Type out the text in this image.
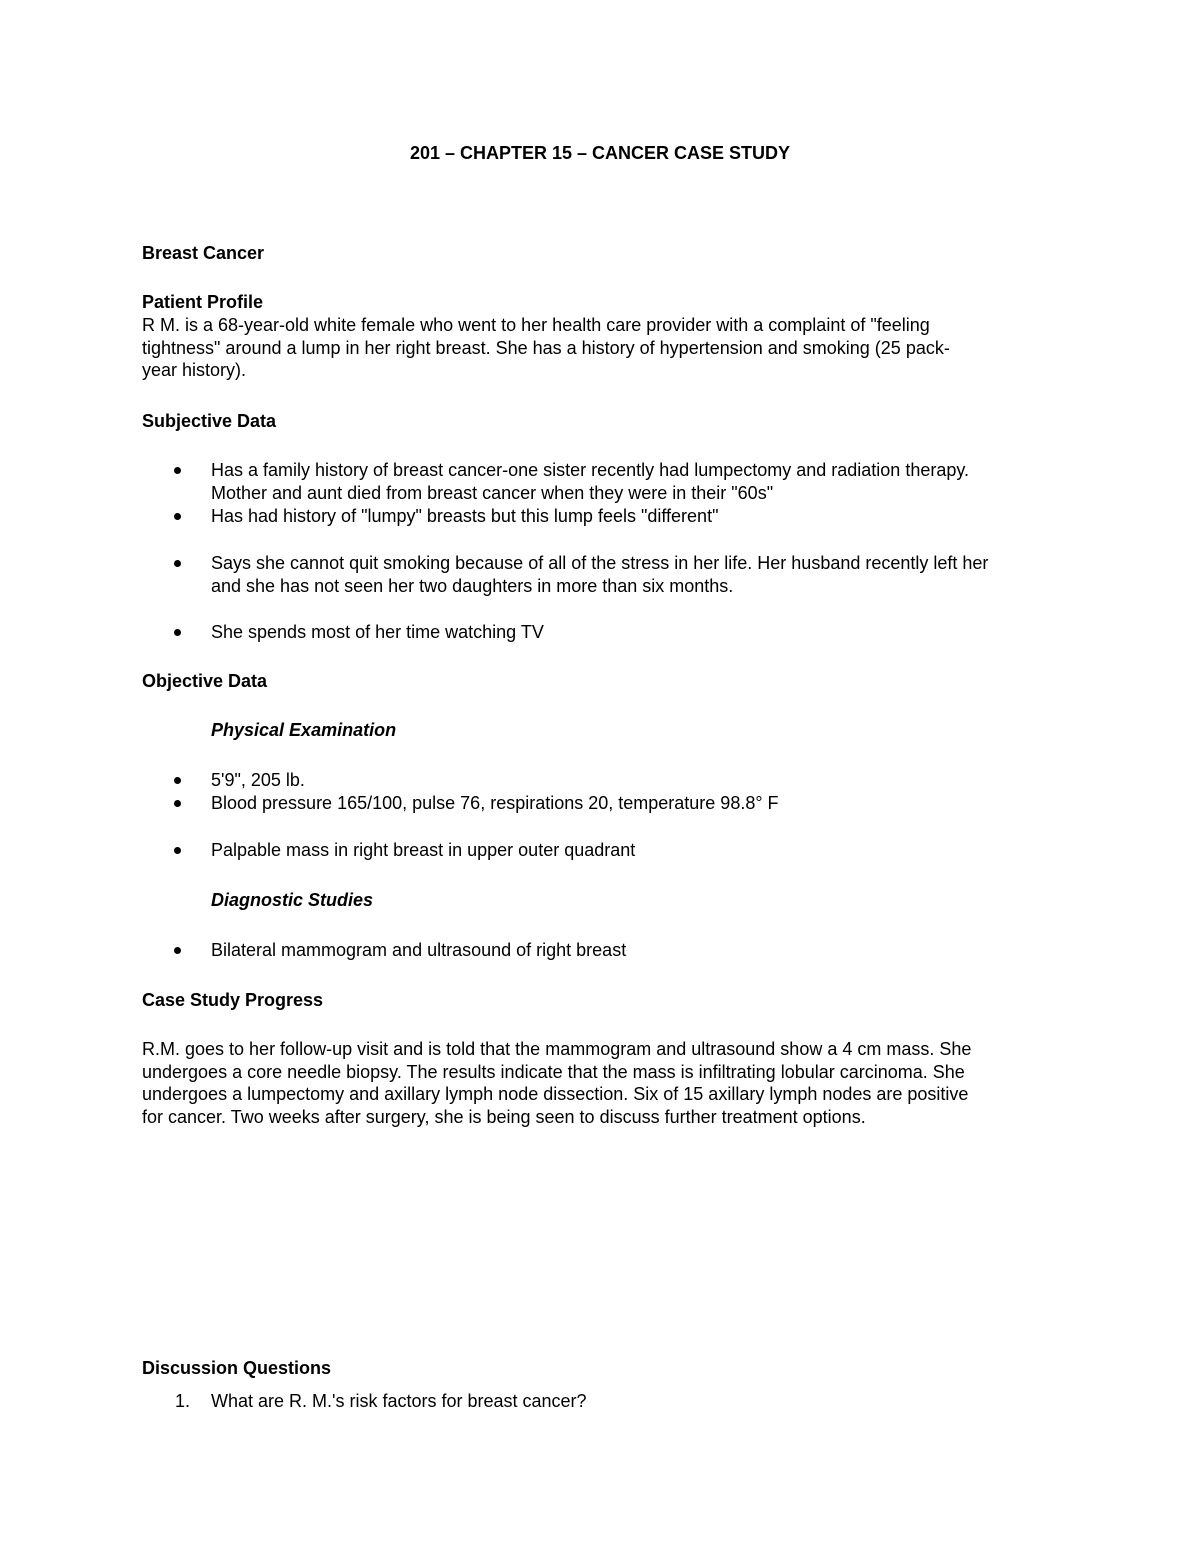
201 – CHAPTER 15 – CANCER CASE STUDY
Breast Cancer
Patient Profile
R M. is a 68-year-old white female who went to her health care provider with a complaint of "feeling
tightness" around a lump in her right breast. She has a history of hypertension and smoking (25 pack-
year history).
Subjective Data
Has a family history of breast cancer-one sister recently had lumpectomy and radiation therapy.
Mother and aunt died from breast cancer when they were in their "60s"
Has had history of "lumpy" breasts but this lump feels "different"
Says she cannot quit smoking because of all of the stress in her life. Her husband recently left her
and she has not seen her two daughters in more than six months.
She spends most of her time watching TV
Objective Data
Physical Examination
5'9", 205 lb.
Blood pressure 165/100, pulse 76, respirations 20, temperature 98.8° F
Palpable mass in right breast in upper outer quadrant
Diagnostic Studies
Bilateral mammogram and ultrasound of right breast
Case Study Progress
R.M. goes to her follow-up visit and is told that the mammogram and ultrasound show a 4 cm mass. She
undergoes a core needle biopsy. The results indicate that the mass is infiltrating lobular carcinoma. She
undergoes a lumpectomy and axillary lymph node dissection. Six of 15 axillary lymph nodes are positive
for cancer. Two weeks after surgery, she is being seen to discuss further treatment options.
Discussion Questions
1. What are R. M.'s risk factors for breast cancer?
